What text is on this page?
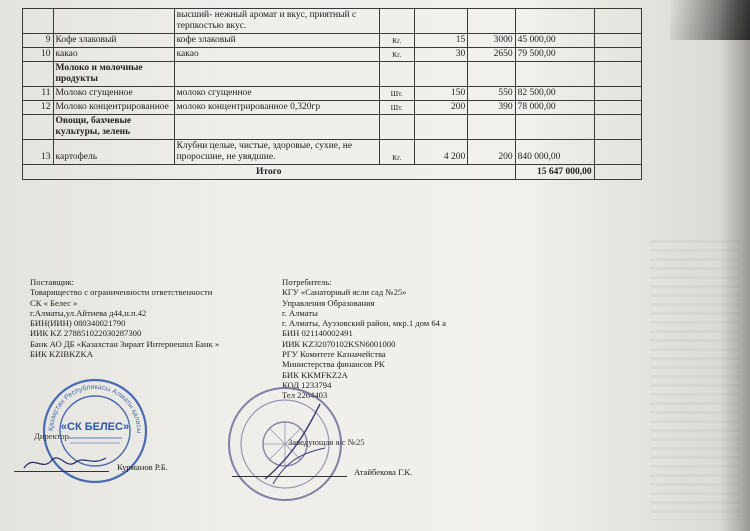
		высший- нежный аромат и вкус, приятный с терпкостью вкус.					
9	Кофе злаковый	кофе злаковый	Кг.	15	3000	45 000,00	
10	какао	какао	Кг.	30	2650	79 500,00	
	Молоко и молочные продукты						
11	Молоко сгущенное	молоко сгущенное	Шт.	150	550	82 500,00	
12	Молоко концентрированное	молоко концентрированное 0,320гр	Шт.	200	390	78 000,00	
	Овощи, бахчевые культуры, зелень						
13	картофель	Клубни целые, чистые, здоровые, сухие, не проросшие, не увядшие.	Кг.	4 200	200	840 000,00	
Итого						15 647 000,00	
Поставщик:
Товарищество с ограниченности ответственности
СК « Белес »
г.Алматы,ул.Айтиева д44,н.п.42
БИН(ИИН) 080340021790
ИИК KZ 278851022030287300
Банк АО ДБ «Казахстан Зираат Интернешнл Банк »
БИК KZIBKZKA
Потребитель:
КГУ «Санаторный ясли сад №25»
Управления Образования
г. Алматы
г. Алматы, Ауэзовский район, мкр.1 дом 64 а
БИН 021140002491
ИИК KZ32070102KSN6001000
РГУ Комитете Казначейства
Министерства финансов РК
БИК KKMFKZ2A
КОД 1233794
Тел 2264403
Қазақстан Республикасы Алматы қаласы
«СК БЕЛЕС»
Директор
Курманов Р.Б.
Заведующая я/с №25
Атайбекова Г.К.
